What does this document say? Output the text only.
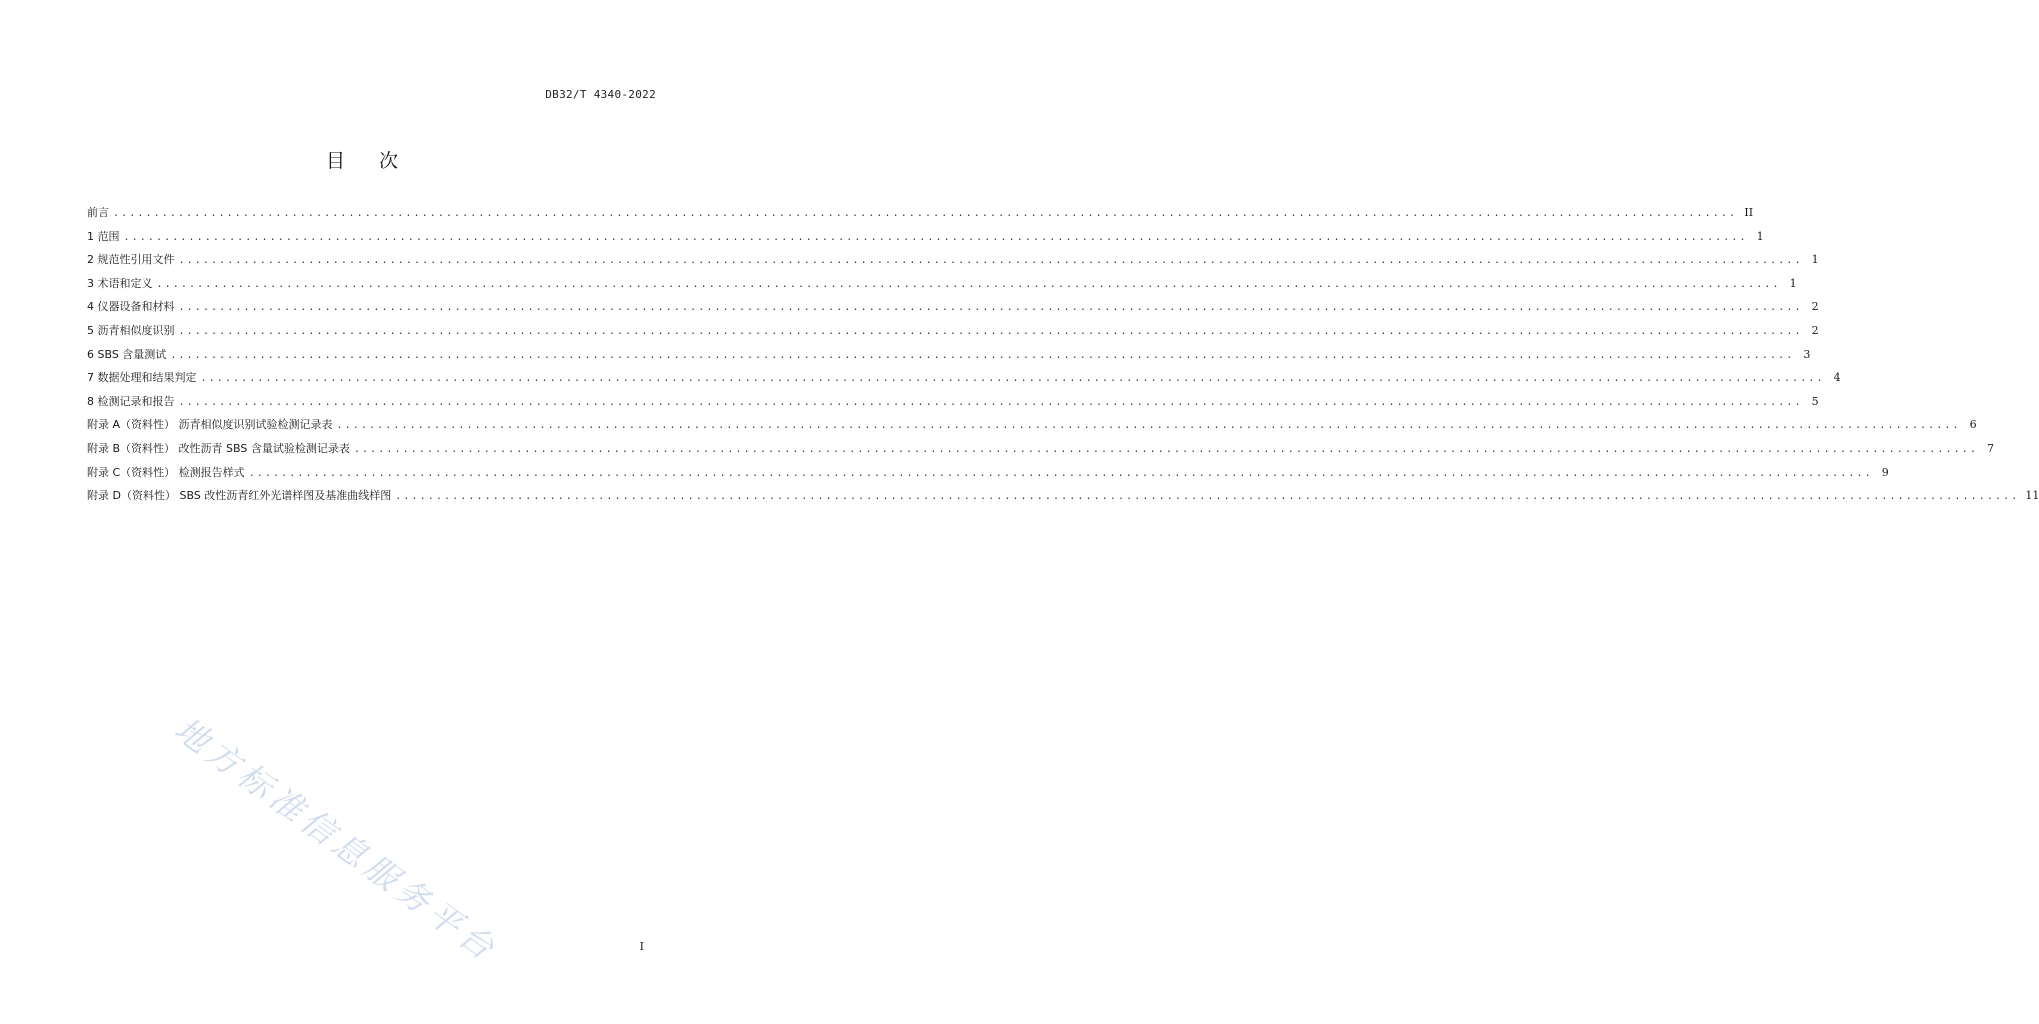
DB32/T 4340-2022
目次
前言 ........................................................................................................................................................................................................ II
1 范围 ........................................................................................................................................................................................................ 1
2 规范性引用文件 ........................................................................................................................................................................................................ 1
3 术语和定义 ........................................................................................................................................................................................................ 1
4 仪器设备和材料 ........................................................................................................................................................................................................ 2
5 沥青相似度识别 ........................................................................................................................................................................................................ 2
6 SBS 含量测试 ........................................................................................................................................................................................................ 3
7 数据处理和结果判定 ........................................................................................................................................................................................................ 4
8 检测记录和报告 ........................................................................................................................................................................................................ 5
附录 A（资料性） 沥青相似度识别试验检测记录表 ........................................................................................................................................................................................................ 6
附录 B（资料性） 改性沥青 SBS 含量试验检测记录表 ........................................................................................................................................................................................................ 7
附录 C（资料性） 检测报告样式 ........................................................................................................................................................................................................ 9
附录 D（资料性） SBS 改性沥青红外光谱样图及基准曲线样图 ........................................................................................................................................................................................................ 11
地方标准信息服务平台	I
